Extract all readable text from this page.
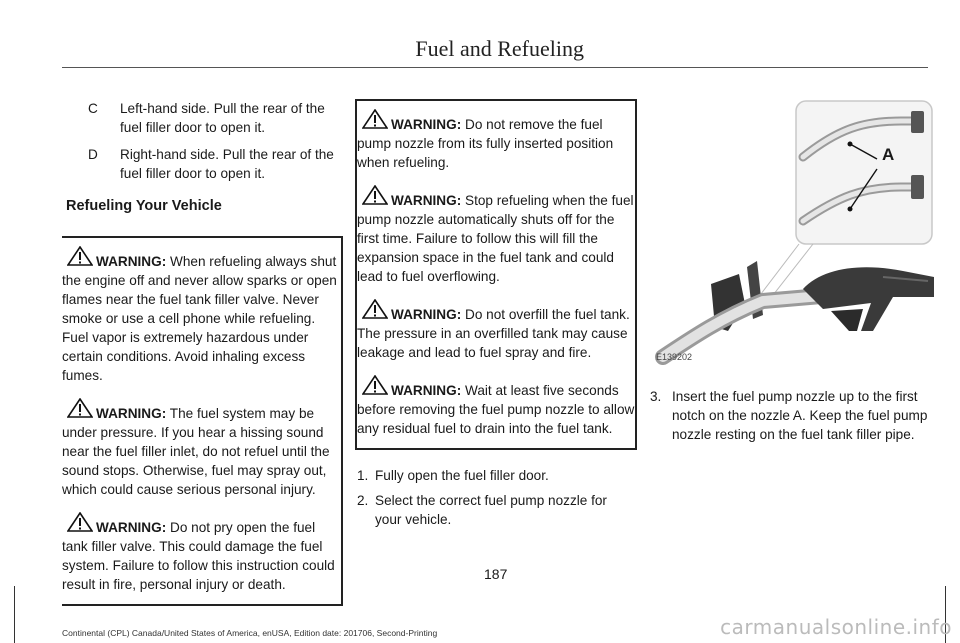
Fuel and Refueling
C	Left-hand side. Pull the rear of the fuel filler door to open it.
D	Right-hand side. Pull the rear of the fuel filler door to open it.
Refueling Your Vehicle

WARNING: When refueling always shut the engine off and never allow sparks or open flames near the fuel tank filler valve. Never smoke or use a cell phone while refueling. Fuel vapor is extremely hazardous under certain conditions. Avoid inhaling excess fumes.

WARNING: The fuel system may be under pressure. If you hear a hissing sound near the fuel filler inlet, do not refuel until the sound stops. Otherwise, fuel may spray out, which could cause serious personal injury.

WARNING: Do not pry open the fuel tank filler valve. This could damage the fuel system. Failure to follow this instruction could result in fire, personal injury or death.

WARNING: Do not remove the fuel pump nozzle from its fully inserted position when refueling.

WARNING: Stop refueling when the fuel pump nozzle automatically shuts off for the first time. Failure to follow this will fill the expansion space in the fuel tank and could lead to fuel overflowing.

WARNING: Do not overfill the fuel tank. The pressure in an overfilled tank may cause leakage and lead to fuel spray and fire.

WARNING: Wait at least five seconds before removing the fuel pump nozzle to allow any residual fuel to drain into the fuel tank.

1. Fully open the fuel filler door.
2. Select the correct fuel pump nozzle for your vehicle.
A
E139202
3. Insert the fuel pump nozzle up to the first notch on the nozzle A. Keep the fuel pump nozzle resting on the fuel tank filler pipe.
187
Continental (CPL) Canada/United States of America, enUSA, Edition date: 201706, Second-Printing	carmanualsonline.info
